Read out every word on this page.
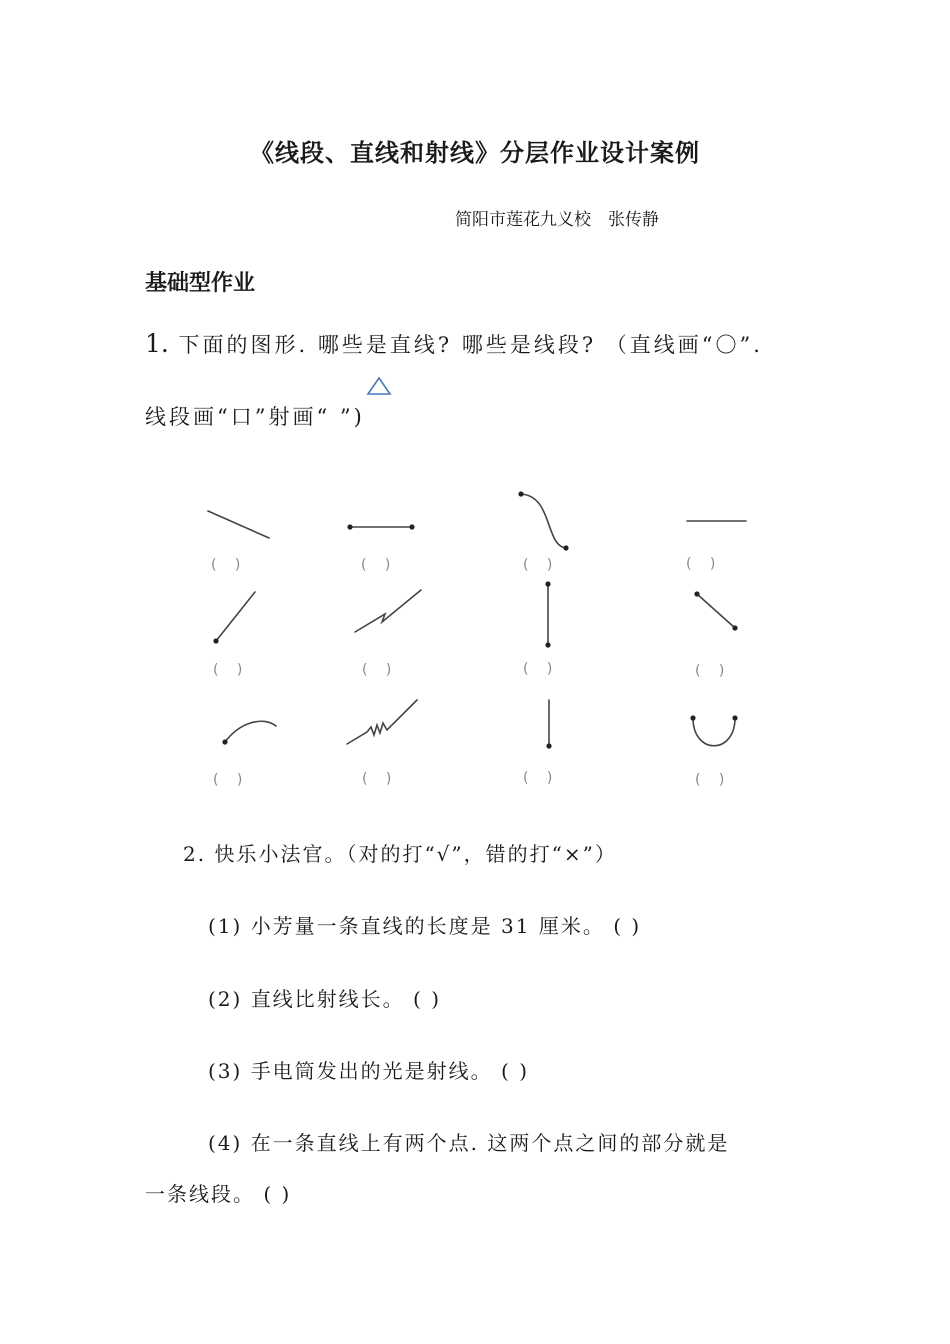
《线段、直线和射线》分层作业设计案例
简阳市莲花九义校　张传静
基础型作业
1. 下面的图形. 哪些是直线? 哪些是线段? （直线画“〇”.
线段画“口”射画“ ”)
(　 )	(　 )	(　 )	(　 )
(　 )	(　 )	(　 )	(　 )
(　 )	(　 )	(　 )	(　 )
2. 快乐小法官。（对的打“√”，错的打“×”）
(1) 小芳量一条直线的长度是 31 厘米。 ( )
(2) 直线比射线长。 ( )
(3) 手电筒发出的光是射线。 ( )
(4) 在一条直线上有两个点. 这两个点之间的部分就是
一条线段。 ( )
